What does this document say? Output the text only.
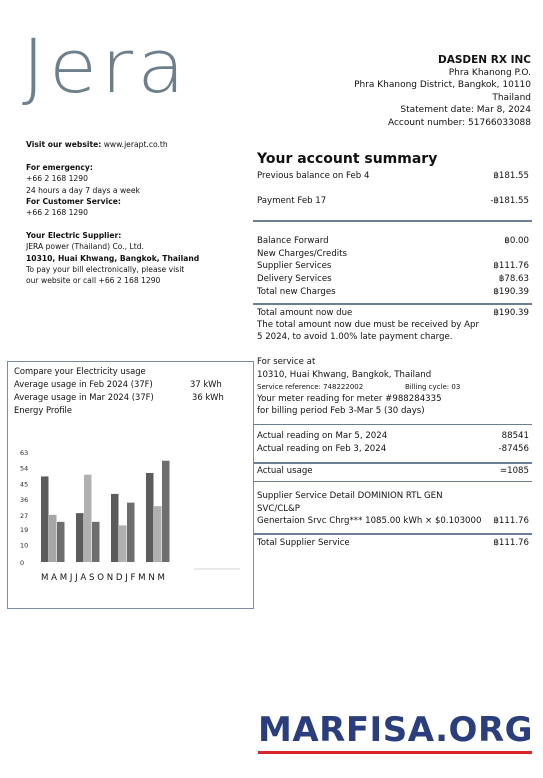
Jera	DASDEN RX INC
Phra Khanong P.O.
Phra Khanong District, Bangkok, 10110
Thailand
Statement date: Mar 8, 2024
Account number: 51766033088
Visit our website: www.jerapt.co.th
For emergency:
+66 2 168 1290
24 hours a day 7 days a week
For Customer Service:
+66 2 168 1290
Your Electric Supplier:
JERA power (Thailand) Co., Ltd.
10310, Huai Khwang, Bangkok, Thailand
To pay your bill electronically, please visit
our website or call +66 2 168 1290
Your account summary
Previous balance on Feb 4	฿181.55
Payment Feb 17	-฿181.55
Balance Forward	฿0.00
New Charges/Credits
Supplier Services	฿111.76
Delivery Services	฿78.63
Total new Charges	฿190.39
Total amount now due	฿190.39
The total amount now due must be received by Apr
5 2024, to avoid 1.00% late payment charge.
For service at
10310, Huai Khwang, Bangkok, Thailand
Service reference: 748222002	Billing cycle: 03
Your meter reading for meter #988284335
for billing period Feb 3-Mar 5 (30 days)
Actual reading on Mar 5, 2024	88541
Actual reading on Feb 3, 2024	-87456
Actual usage	=1085
Supplier Service Detail DOMINION RTL GEN
SVC/CL&P
Genertaion Srvc Chrg*** 1085.00 kWh × $0.103000 ฿111.76
Total Supplier Service	฿111.76
Compare your Electricity usage
Average usage in Feb 2024 (37F)	37 kWh
Average usage in Mar 2024 (37F)	36 kWh
Energy Profile
0
10
19
27
36
45
54
63
M A M J J A S O N D J F M N M
MARFISA.ORG
